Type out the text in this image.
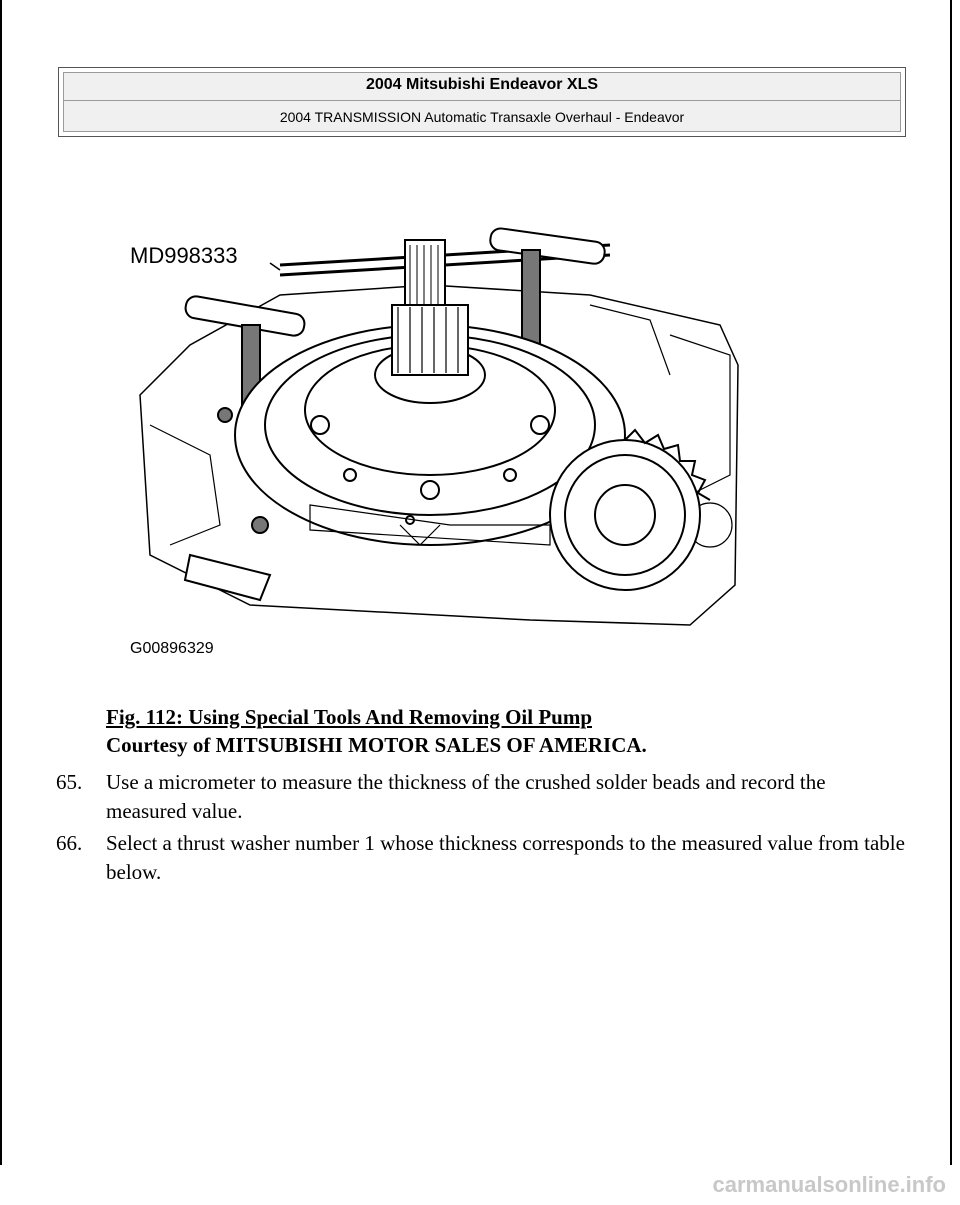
2004 Mitsubishi Endeavor XLS
2004 TRANSMISSION Automatic Transaxle Overhaul - Endeavor
MD998333
G00896329
Fig. 112: Using Special Tools And Removing Oil Pump
Courtesy of MITSUBISHI MOTOR SALES OF AMERICA.
65. Use a micrometer to measure the thickness of the crushed solder beads and record the measured value.
66. Select a thrust washer number 1 whose thickness corresponds to the measured value from table below.
carmanualsonline.info
